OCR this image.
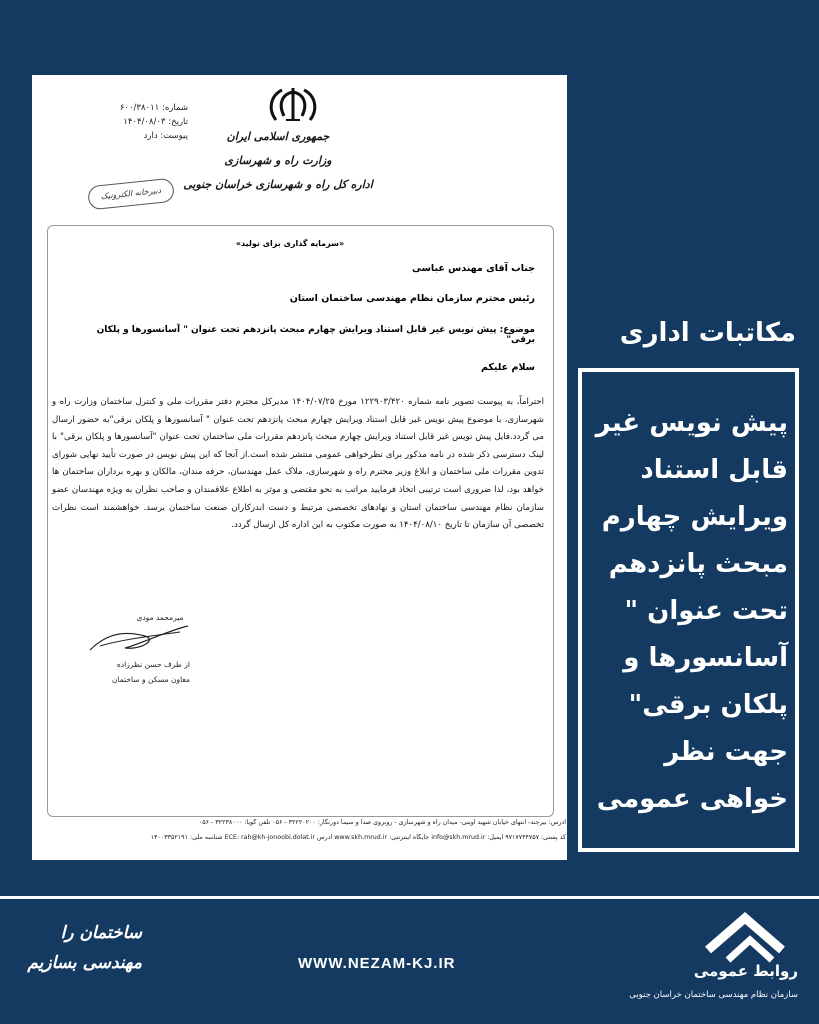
شماره: ۶۰۰/۳۸۰۱۱
تاریخ: ۱۴۰۴/۰۸/۰۳
پیوست: دارد
دبیرخانه الکترونیک
جمهوری اسلامی ایران
وزارت راه و شهرسازی
اداره کل راه و شهرسازی خراسان جنوبی
«سرمایه گذاری برای تولید»
جناب آقای مهندس عباسی
رئیس محترم سازمان نظام مهندسی ساختمان استان
موضوع: پیش نویس غیر قابل استناد ویرایش چهارم مبحث پانزدهم تحت عنوان " آسانسورها و پلکان برقی"
سلام علیکم
احتراماً، به پیوست تصویر نامه شماره ۱۲۲۹۰۳/۴۲۰ مورخ ۱۴۰۴/۰۷/۲۵ مدیرکل محترم دفتر مقررات ملی و کنترل ساختمان وزارت راه و شهرسازی، با موضوع پیش نویس غیر قابل استناد ویرایش چهارم مبحث پانزدهم تحت عنوان " آسانسورها و پلکان برقی"به حضور ارسال می گردد.فایل پیش نویس غیر قابل استناد ویرایش چهارم مبحث پانزدهم مقررات ملی ساختمان تحت عنوان "آسانسورها و پلکان برقی" با لینک دسترسی ذکر شده در نامه مذکور برای نظرخواهی عمومی منتشر شده است.از آنجا که این پیش نویس در صورت تأیید نهایی شورای تدوین مقررات ملی ساختمان و ابلاغ وزیر محترم راه و شهرسازی، ملاک عمل مهندسان، حرفه مندان، مالکان و بهره برداران ساختمان ها خواهد بود، لذا ضروری است ترتیبی اتخاذ فرمایید مراتب به نحو مقتضی و موثر به اطلاع علاقمندان و صاحب نظران به ویژه مهندسان عضو سازمان نظام مهندسی ساختمان استان و نهادهای تخصصی مرتبط و دست اندرکاران صنعت ساختمان برسد. خواهشمند است نظرات تخصصی آن سازمان تا تاریخ ۱۴۰۴/۰۸/۱۰ به صورت مکتوب به این اداره کل ارسال گردد.
میرمحمد مودی
از طرف حسن نظرزاده
معاون مسکن و ساختمان
آدرس: بیرجند- انتهای خیابان شهید آوینی- میدان راه و شهرسازی - روبروی صدا و سیما دورنگار: ۳۲۲۲۰۲۰۰ - ۰۵۶ تلفن گویا: ۳۲۲۳۸۰۰۰ - ۰۵۶
کد پستی: ۹۷۱۷۷۴۴۷۵۷ ایمیل: info@skh.mrud.ir جایگاه اینترنتی: www.skh.mrud.ir آدرس ECE: rah@kh-jonoobi.dolat.ir شناسه ملی: ۱۴۰۰۳۳۵۲۱۹۱
مکاتبات اداری
پیش نویس غیر قابل استناد ویرایش چهارم مبحث پانزدهم تحت عنوان " آسانسورها و پلکان برقی" جهت نظر خواهی عمومی
ساختمان را مهندسی بسازیم	WWW.NEZAM-KJ.IR	روابط عمومی
سازمان نظام مهندسی ساختمان خراسان جنوبی
